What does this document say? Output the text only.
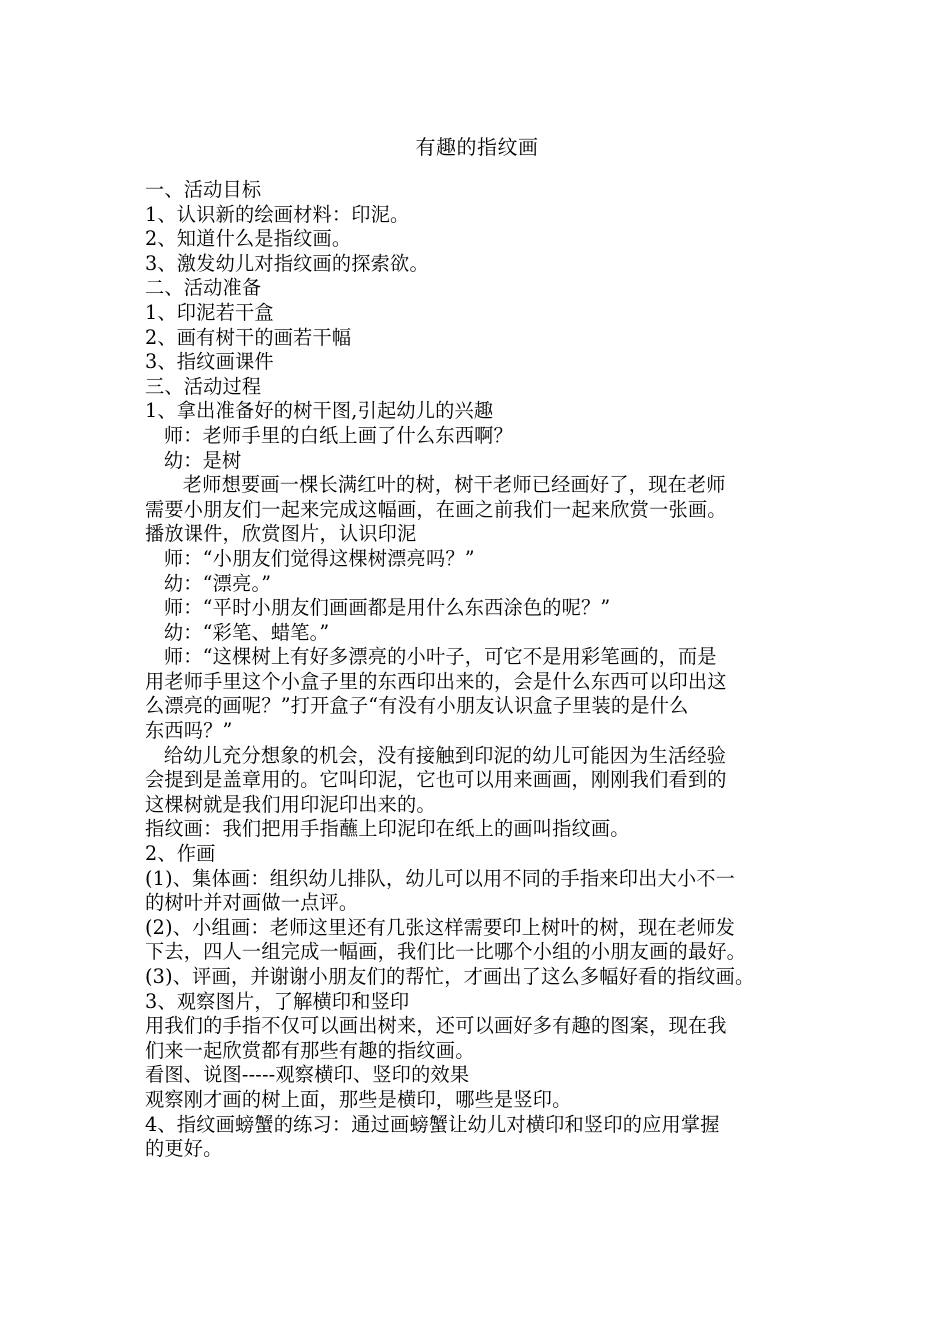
有趣的指纹画
一、活动目标
1、认识新的绘画材料：印泥。
2、知道什么是指纹画。
3、激发幼儿对指纹画的探索欲。
二、活动准备
1、印泥若干盒
2、画有树干的画若干幅
3、指纹画课件
三、活动过程
1、拿出准备好的树干图,引起幼儿的兴趣
师：老师手里的白纸上画了什么东西啊？
幼：是树
老师想要画一棵长满红叶的树，树干老师已经画好了，现在老师
需要小朋友们一起来完成这幅画，在画之前我们一起来欣赏一张画。
播放课件，欣赏图片，认识印泥
师：“小朋友们觉得这棵树漂亮吗？”
幼：“漂亮。”
师：“平时小朋友们画画都是用什么东西涂色的呢？”
幼：“彩笔、蜡笔。”
师：“这棵树上有好多漂亮的小叶子，可它不是用彩笔画的，而是
用老师手里这个小盒子里的东西印出来的，会是什么东西可以印出这
么漂亮的画呢？”打开盒子“有没有小朋友认识盒子里装的是什么
东西吗？”
给幼儿充分想象的机会，没有接触到印泥的幼儿可能因为生活经验
会提到是盖章用的。它叫印泥，它也可以用来画画，刚刚我们看到的
这棵树就是我们用印泥印出来的。
指纹画：我们把用手指蘸上印泥印在纸上的画叫指纹画。
2、作画
(1)、集体画：组织幼儿排队，幼儿可以用不同的手指来印出大小不一
的树叶并对画做一点评。
(2)、小组画：老师这里还有几张这样需要印上树叶的树，现在老师发
下去，四人一组完成一幅画，我们比一比哪个小组的小朋友画的最好。
(3)、评画，并谢谢小朋友们的帮忙，才画出了这么多幅好看的指纹画。
3、观察图片，了解横印和竖印
用我们的手指不仅可以画出树来，还可以画好多有趣的图案，现在我
们来一起欣赏都有那些有趣的指纹画。
看图、说图-----观察横印、竖印的效果
观察刚才画的树上面，那些是横印，哪些是竖印。
4、指纹画螃蟹的练习：通过画螃蟹让幼儿对横印和竖印的应用掌握
的更好。
